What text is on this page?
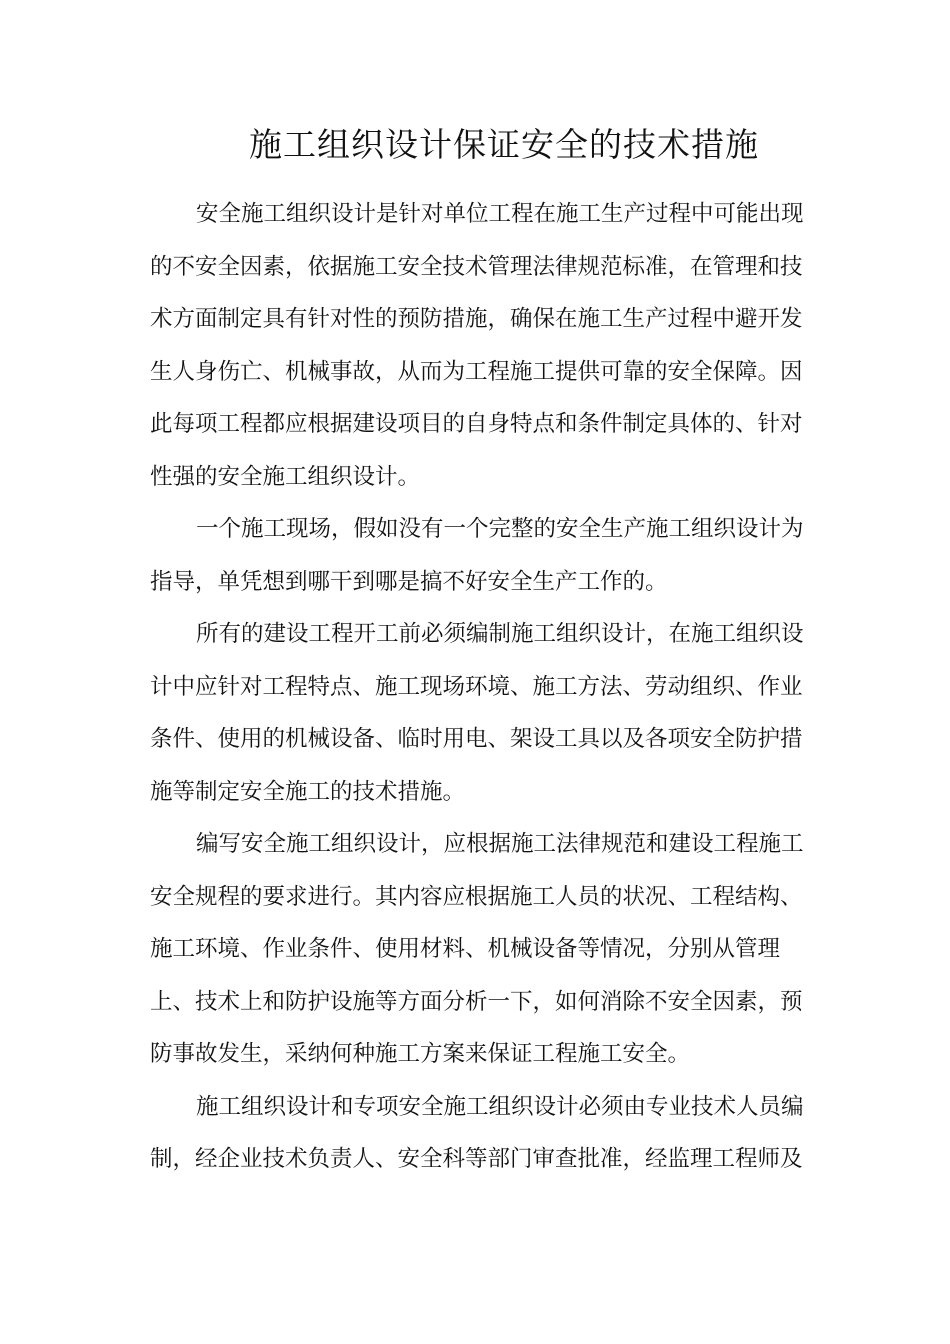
施工组织设计保证安全的技术措施

安全施工组织设计是针对单位工程在施工生产过程中可能出现
的不安全因素，依据施工安全技术管理法律规范标准，在管理和技
术方面制定具有针对性的预防措施，确保在施工生产过程中避开发
生人身伤亡、机械事故，从而为工程施工提供可靠的安全保障。因
此每项工程都应根据建设项目的自身特点和条件制定具体的、针对
性强的安全施工组织设计。

一个施工现场，假如没有一个完整的安全生产施工组织设计为
指导，单凭想到哪干到哪是搞不好安全生产工作的。

所有的建设工程开工前必须编制施工组织设计，在施工组织设
计中应针对工程特点、施工现场环境、施工方法、劳动组织、作业
条件、使用的机械设备、临时用电、架设工具以及各项安全防护措
施等制定安全施工的技术措施。

编写安全施工组织设计，应根据施工法律规范和建设工程施工
安全规程的要求进行。其内容应根据施工人员的状况、工程结构、
施工环境、作业条件、使用材料、机械设备等情况，分别从管理
上、技术上和防护设施等方面分析一下，如何消除不安全因素，预
防事故发生，采纳何种施工方案来保证工程施工安全。

施工组织设计和专项安全施工组织设计必须由专业技术人员编
制，经企业技术负责人、安全科等部门审查批准，经监理工程师及
